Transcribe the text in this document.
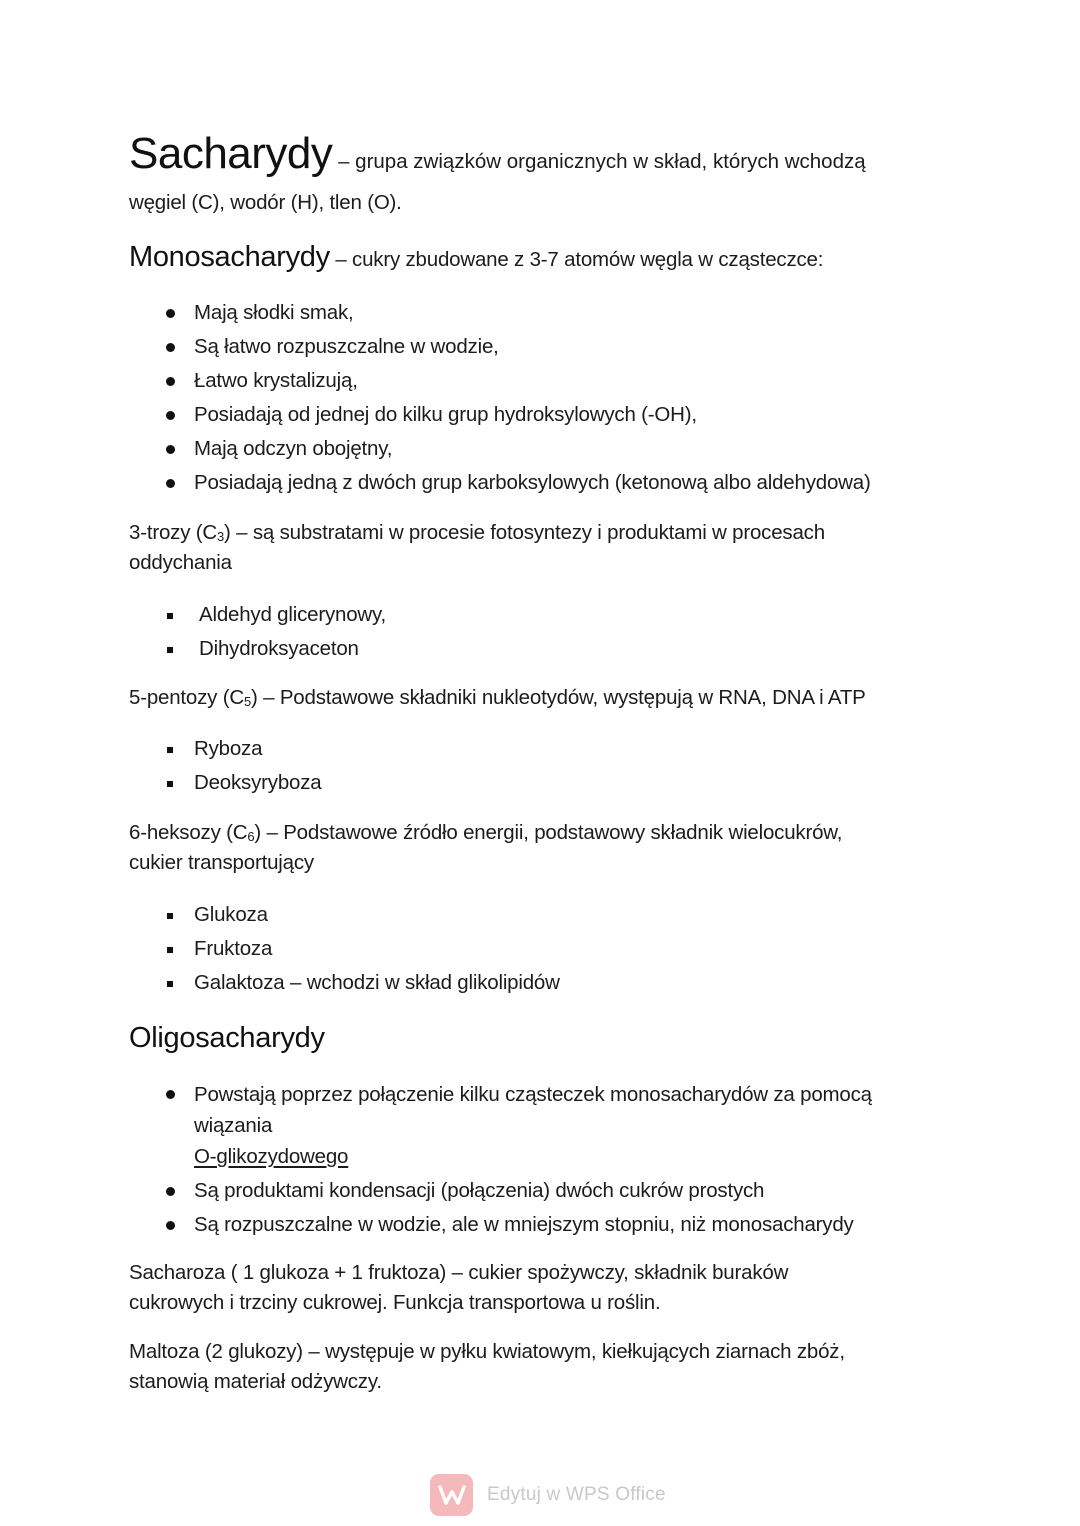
Sacharydy – grupa związków organicznych w skład, których wchodzą
węgiel (C), wodór (H), tlen (O).
Monosacharydy – cukry zbudowane z 3-7 atomów węgla w cząsteczce:
Mają słodki smak,
Są łatwo rozpuszczalne w wodzie,
Łatwo krystalizują,
Posiadają od jednej do kilku grup hydroksylowych (-OH),
Mają odczyn obojętny,
Posiadają jedną z dwóch grup karboksylowych (ketonową albo aldehydowa)
3-trozy $(C_3)$ – są substratami w procesie fotosyntezy i produktami w procesach
oddychania
Aldehyd glicerynowy,
Dihydroksyaceton
5-pentozy $(C_5)$ – Podstawowe składniki nukleotydów, występują w RNA, DNA i ATP
Ryboza
Deoksyryboza
6-heksozy $(C_6)$ – Podstawowe źródło energii, podstawowy składnik wielocukrów,
cukier transportujący
Glukoza
Fruktoza
Galaktoza – wchodzi w skład glikolipidów
Oligosacharydy
Powstają poprzez połączenie kilku cząsteczek monosacharydów za pomocą
wiązania
O-glikozydowego
Są produktami kondensacji (połączenia) dwóch cukrów prostych
Są rozpuszczalne w wodzie, ale w mniejszym stopniu, niż monosacharydy
Sacharoza ( 1 glukoza + 1 fruktoza) – cukier spożywczy, składnik buraków
cukrowych i trzciny cukrowej. Funkcja transportowa u roślin.
Maltoza (2 glukozy) – występuje w pyłku kwiatowym, kiełkujących ziarnach zbóż,
stanowią materiał odżywczy.
Edytuj w WPS Office
